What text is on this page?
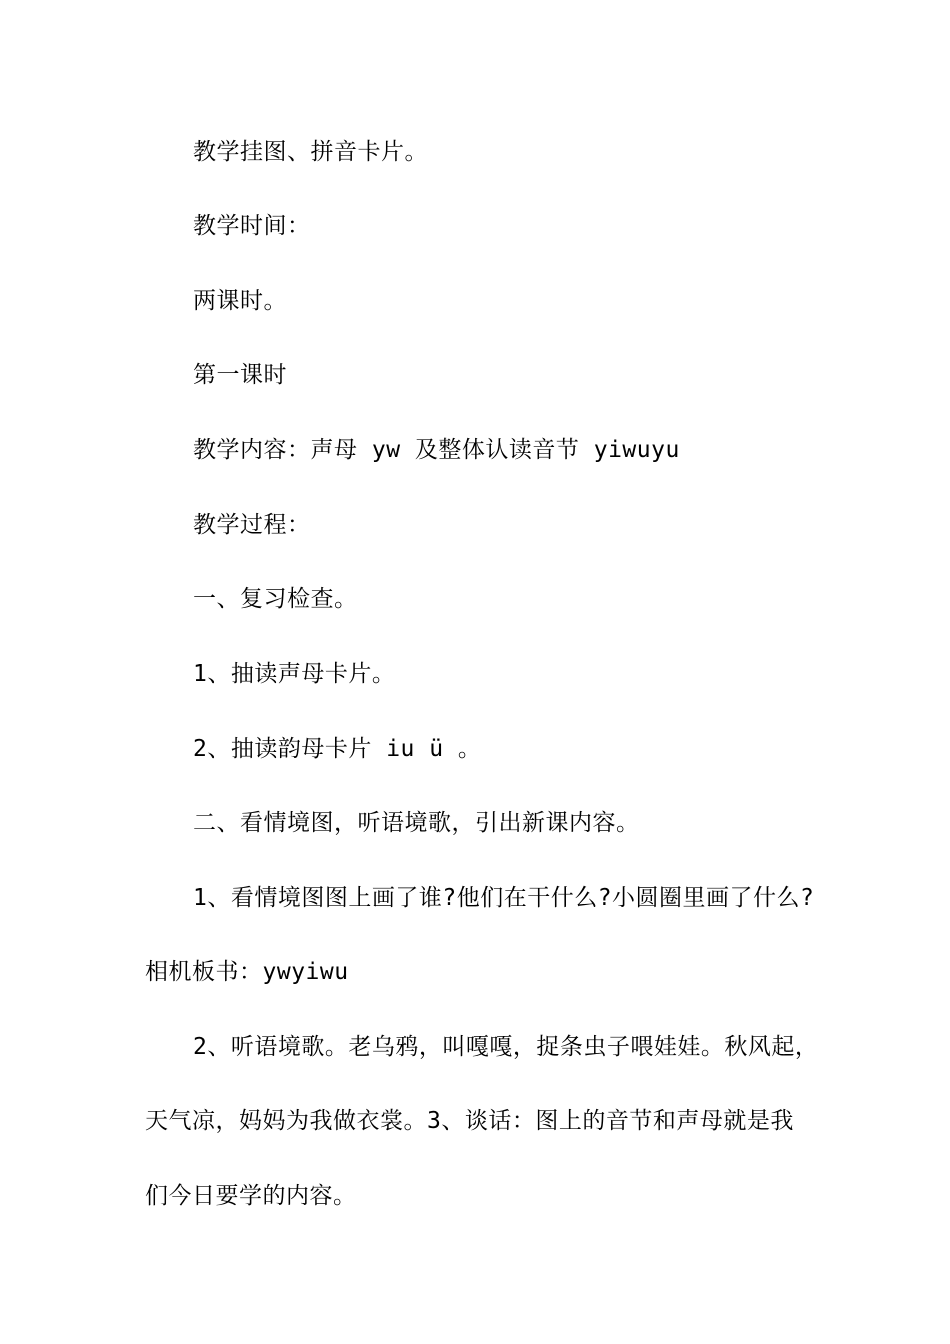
教学挂图、拼音卡片。
教学时间：
两课时。
第一课时
教学内容：声母 yw 及整体认读音节 yiwuyu
教学过程：
一、复习检查。
1、抽读声母卡片。
2、抽读韵母卡片 iu ü 。
二、看情境图，听语境歌，引出新课内容。
1、看情境图图上画了谁?他们在干什么?小圆圈里画了什么?
相机板书：ywyiwu
2、听语境歌。老乌鸦，叫嘎嘎，捉条虫子喂娃娃。秋风起，
天气凉，妈妈为我做衣裳。3、谈话：图上的音节和声母就是我
们今日要学的内容。
